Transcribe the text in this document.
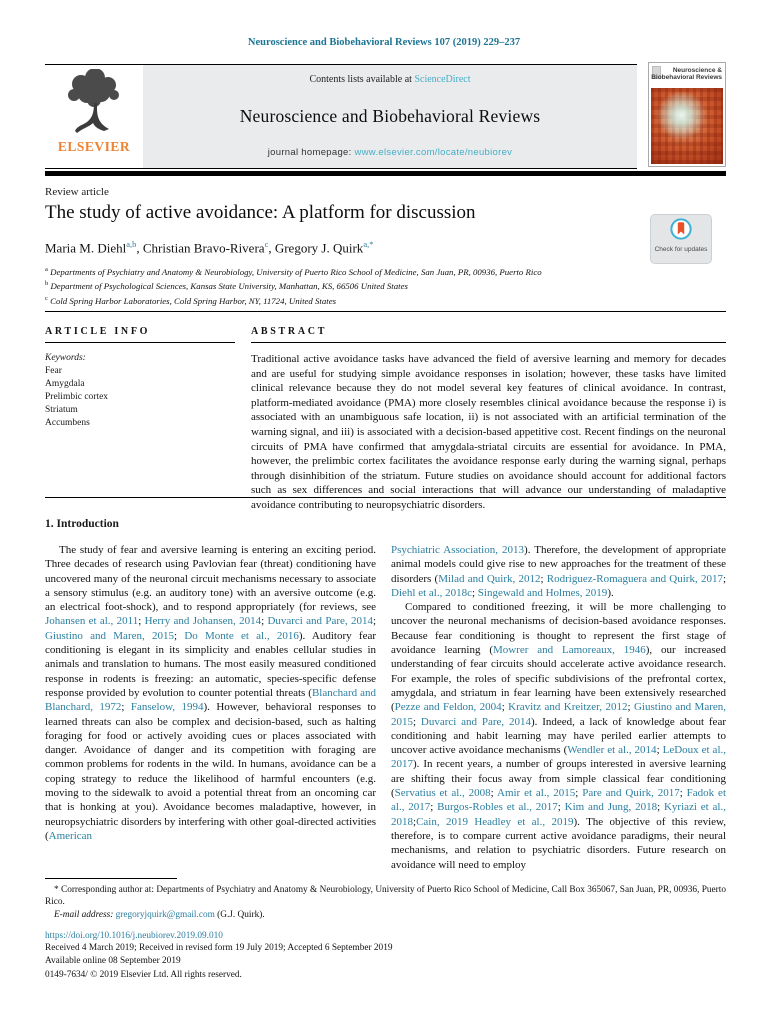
Neuroscience and Biobehavioral Reviews 107 (2019) 229–237
ELSEVIER
Contents lists available at ScienceDirect
Neuroscience and Biobehavioral Reviews
journal homepage: www.elsevier.com/locate/neubiorev
Neuroscience & Biobehavioral Reviews
Review article
The study of active avoidance: A platform for discussion
Maria M. Diehl$^{a,b}$, Christian Bravo-Rivera$^c$, Gregory J. Quirk$^{a,*}$
$^a$ Departments of Psychiatry and Anatomy & Neurobiology, University of Puerto Rico School of Medicine, San Juan, PR, 00936, Puerto Rico
$^b$ Department of Psychological Sciences, Kansas State University, Manhattan, KS, 66506 United States
$^c$ Cold Spring Harbor Laboratories, Cold Spring Harbor, NY, 11724, United States
Check for updates
ARTICLE INFO
Keywords:
Fear
Amygdala
Prelimbic cortex
Striatum
Accumbens
ABSTRACT
Traditional active avoidance tasks have advanced the field of aversive learning and memory for decades and are useful for studying simple avoidance responses in isolation; however, these tasks have limited clinical relevance because they do not model several key features of clinical avoidance. In contrast, platform-mediated avoidance (PMA) more closely resembles clinical avoidance because the response i) is associated with an unambiguous safe location, ii) is not associated with an artificial termination of the warning signal, and iii) is associated with a decision-based appetitive cost. Recent findings on the neuronal circuits of PMA have confirmed that amygdala-striatal circuits are essential for avoidance. In PMA, however, the prelimbic cortex facilitates the avoidance response early during the warning signal, perhaps through disinhibition of the striatum. Future studies on avoidance should account for additional factors such as sex differences and social interactions that will advance our understanding of maladaptive avoidance contributing to neuropsychiatric disorders.
1. Introduction

The study of fear and aversive learning is entering an exciting period. Three decades of research using Pavlovian fear (threat) conditioning have uncovered many of the neuronal circuit mechanisms necessary to associate a sensory stimulus (e.g. an auditory tone) with an aversive outcome (e.g. an electrical foot-shock), and to respond appropriately (for reviews, see Johansen et al., 2011; Herry and Johansen, 2014; Duvarci and Pare, 2014; Giustino and Maren, 2015; Do Monte et al., 2016). Auditory fear conditioning is elegant in its simplicity and enables cellular studies in animals and translation to humans. The most easily measured conditioned response in rodents is freezing: an automatic, species-specific defense response provided by evolution to counter potential threats (Blanchard and Blanchard, 1972; Fanselow, 1994). However, behavioral responses to learned threats can also be complex and decision-based, such as halting foraging for food or actively avoiding cues or places associated with danger. Avoidance of danger and its competition with foraging are common problems for rodents in the wild. In humans, avoidance can be a coping strategy to reduce the likelihood of harmful encounters (e.g. moving to the sidewalk to avoid a potential threat from an oncoming car that is honking at you). Avoidance becomes maladaptive, however, in neuropsychiatric disorders by interfering with other goal-directed activities (American

Psychiatric Association, 2013). Therefore, the development of appropriate animal models could give rise to new approaches for the treatment of these disorders (Milad and Quirk, 2012; Rodriguez-Romaguera and Quirk, 2017; Diehl et al., 2018c; Singewald and Holmes, 2019).

Compared to conditioned freezing, it will be more challenging to uncover the neuronal mechanisms of decision-based avoidance responses. Because fear conditioning is thought to represent the first stage of avoidance learning (Mowrer and Lamoreaux, 1946), our increased understanding of fear circuits should accelerate active avoidance research. For example, the roles of specific subdivisions of the prefrontal cortex, amygdala, and striatum in fear learning have been extensively researched (Pezze and Feldon, 2004; Kravitz and Kreitzer, 2012; Giustino and Maren, 2015; Duvarci and Pare, 2014). Indeed, a lack of knowledge about fear conditioning and habit learning may have periled earlier attempts to uncover active avoidance mechanisms (Wendler et al., 2014; LeDoux et al., 2017). In recent years, a number of groups interested in aversive learning are shifting their focus away from simple classical fear conditioning (Servatius et al., 2008; Amir et al., 2015; Pare and Quirk, 2017; Fadok et al., 2017; Burgos-Robles et al., 2017; Kim and Jung, 2018; Kyriazi et al., 2018;Cain, 2019 Headley et al., 2019). The objective of this review, therefore, is to compare current active avoidance paradigms, their neural mechanisms, and relation to psychiatric disorders. Future research on avoidance will need to employ

* Corresponding author at: Departments of Psychiatry and Anatomy & Neurobiology, University of Puerto Rico School of Medicine, Call Box 365067, San Juan, PR, 00936, Puerto Rico.

E-mail address: gregoryjquirk@gmail.com (G.J. Quirk).

https://doi.org/10.1016/j.neubiorev.2019.09.010

Received 4 March 2019; Received in revised form 19 July 2019; Accepted 6 September 2019

Available online 08 September 2019

0149-7634/ © 2019 Elsevier Ltd. All rights reserved.
